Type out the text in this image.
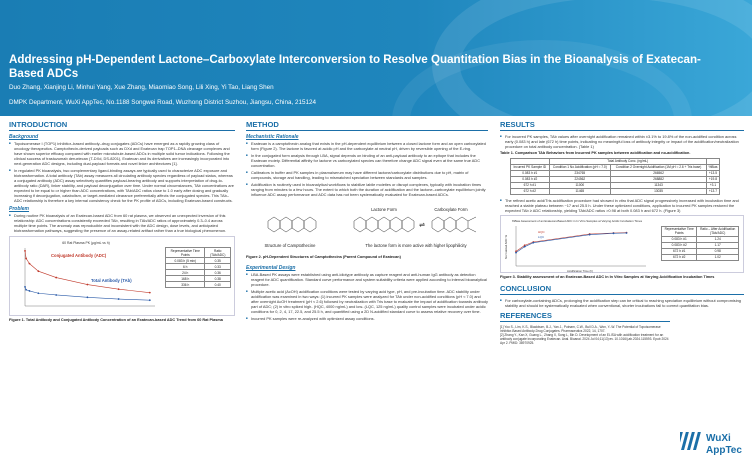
Addressing pH-Dependent Lactone–Carboxylate Interconversion to Resolve Quantitation Bias in the Bioanalysis of Exatecan-Based ADCs
Duo Zhang, Xianjing Li, Minhui Yang, Xue Zhang, Miaomiao Song, Lili Xing, Yi Tao, Liang Shen
DMPK Department, WuXi AppTec, No.1188 Songwei Road, Wuzhong District Suzhou, Jiangsu, China, 215124
INTRODUCTION
Background
■ Topoisomerase I (TOP1) inhibitor–based antibody–drug conjugates (ADCs) have emerged as a rapidly growing class of oncology therapeutics. Camptothecin-derived payloads such as DXd and Exatecan trap TOP1–DNA cleavage complexes and have shown superior efficacy compared with earlier microtubule-based ADCs in multiple solid tumor indications. Following the clinical success of trastuzumab deruxtecan (T-DXd, DS-8201), Exatecan and its derivatives are increasingly incorporated into next-generation ADC designs, including dual-payload formats and novel linker architectures [1].
■ In regulated PK bioanalysis, two complementary ligand-binding assays are typically used to characterize ADC exposure and biotransformation. A total antibody (TAb) assay measures all circulating antibody species regardless of payload status, whereas a conjugated antibody (ADC) assay selectively quantifies payload-bearing antibody and supports interpretation of drug-to-antibody ratio (DAR), linker stability, and payload deconjugation over time. Under normal circumstances, TAb concentrations are expected to be equal to or higher than ADC concentrations, with TAb/ADC ratios close to 1.0 early after dosing and gradually increasing if deconjugation, catabolism, or target-mediated clearance preferentially affects the conjugated species. This TAb–ADC relationship is therefore a key internal consistency check for the PK profile of ADCs, including Exatecan-based constructs.
Problem
■ During routine PK bioanalysis of an Exatecan-based ADC from 60 rat plasma, we observed an unexpected inversion of this relationship: ADC concentrations consistently exceeded TAb, resulting in TAb/ADC ratios of approximately 0.3–0.4 across multiple time points. The anomaly was reproducible and inconsistent with the ADC design, dose levels, and anticipated biotransformation pathways, suggesting the presence of an assay-related artifact rather than a true biological phenomenon.
60 Rat Plasma PK (μg/mL vs h)
Conjugated Antibody (ADC)
Total Antibody (TAb)
Representative Time Points	Ratio (TAb/ADC)
0.083 h (5 min)	0.35
6 h	0.33
24 h	0.36
168 h	0.38
336 h	0.40
Figure 1. Total Antibody and Conjugated Antibody Concentration of an Exatecan-based ADC Trend from 60 Rat Plasma
METHOD
Mechanistic Rationale
■ Exatecan is a camptothecin analog that exists in the pH-dependent equilibrium between a closed lactone form and an open carboxylated form (Figure 2). The lactone is favored at acidic pH and the carboxylate at neutral pH, driven by reversible opening of the E-ring.
■ In the conjugated form analysis through LBA, signal depends on binding of an anti-payload antibody to an epitope that includes the Exatecan moiety. Differential affinity for lactone vs carboxylated species can therefore change ADC signal even at the same true ADC concentration.
■ Calibrators in buffer and PK samples in plasma/serum may have different lactone/carboxylate distributions due to pH, matrix of compounds, storage and handling, leading to mismatched speciation between standards and samples.
■ Acidification is routinely used in bioanalytical workflows to stabilize labile moieties or disrupt complexes, typically with incubation times ranging from minutes to a few hours. The extent to which both the duration of acidification and the lactone–carboxylate equilibrium jointly influence ADC assay performance and ADC data has not been systematically evaluated for Exatecan-based ADCs.
Lactone Form	Carboxylate Form
⇌
Structure of Camptothecine	The lactone form is more active with higher lipophilicity
Figure 2. pH-Dependent Structures of Camptothecins (Parent Compound of Exatecan)
Experimental Design
■ LBA-Based PK assays were established using anti-idiotype antibody as capture reagent and anti-human IgG antibody as detection reagent for ADC quantification. Standard curve performance and system suitability criteria were applied according to internal bioanalytical procedure.
■ Multiple acetic acid (AcOH) acidification conditions were tested by varying acid type, pH, and pre-incubation time. ADC stability under acidification was examined in two ways: (1) incurred PK samples were analyzed for TAb under non-acidified conditions (pH ≈ 7.0) and after overnight AcOH treatment (pH ≈ 2.6) followed by neutralization with Tris base to evaluate the impact of acidification towards antibody part of ADC; (2) in vitro spiked high- (HQC, 4000 ng/mL) and low- (LQC, 125 ng/mL) quality control samples were incubated under acidic conditions for 0, 2, 4, 17, 22.5, and 25.5 h, and quantified using a 2D N-acidified standard curve to assess relative recovery over time.
■ Incurred PK samples were re-analyzed with optimized assay conditions.
RESULTS
■ For incurred PK samples, TAb values after overnight acidification remained within ±3.1% to 19.8% of the non-acidified condition across early (0.083 h) and late (672 h) time points, indicating no meaningful loss of antibody integrity or impact of the acidification/neutralization procedure on total antibody concentration. (Table 1)
Table 1. Comparison TAb Behaviors from Incurred PK samples between acidification and no-acidification.
	Total Antibody Conc. (ng/mL)		
Incurred PK Sample ID	Condition 1 No Acidification (pH ≈ 7.0)	Condition 2 Overnight Acidification (1M pH ≈ 2.6 + Tris base)	%Bias
0.083 h #1	234765	266562	+13.5
0.083 h #2	224562	268882	+19.8
672 h #1	11000	11343	+3.1
672 h #2	11465	13035	+13.7
■ The refined acetic acid/Tris acidification procedure had showed in vitro that ADC signal progressively increased with incubation time and reached a stable plateau between ~17 and 25.5 h. Under these optimized conditions, application to incurred PK samples restored the expected TAb ≥ ADC relationship, yielding TAb/ADC ratios >0.98 at both 0.083 h and 672 h. (Figure 3)
%Bias Assessment of an Exatecan-Based ADC in In Vitro Samples at Varying Acidic Incubation Times
Acidification Time (h)
Normalized ADC %
HQC
LQC
Representative Time Points	Ratio – After Acidification (TAb/ADC)
0.083 h #1	1.24
0.083 h #2	1.17
672 h #1	0.98
672 h #2	1.02
Figure 3. Stability assessment of an Exatecan-Based ADC in In Vitro Samples at Varying Acidification Incubation Times
CONCLUSION
■ For carboxylate-containing ADCs, prolonging the acidification step can be critical to reaching speciation equilibrium without compromising stability and should be systematically evaluated when conventional, shorter incubations fail to correct quantitation bias.
REFERENCES
[1] Yoo S., Lim, K.S., Blackburn, B.J., Yan J., Putnam, C.W., Bull D.A., Won, Y.-W. The Potential of Topoisomerase Inhibitor-Based Antibody-Drug Conjugates. Pharmaceutics 2022, 14, 1707.
[2] Zhang Y., Kan X, Guang L., Zhang X, Song L, Bin D. Development of an ELISA with acidification treatment for an antibody conjugate incorporating Exatecan. Anal. Bioanal. 2024 Jul 04;11(13):ev. 10.1016/j.ab.2024.115593. Epub 2024 Apr 2. PMID: 38970925.
WuXi
AppTec
